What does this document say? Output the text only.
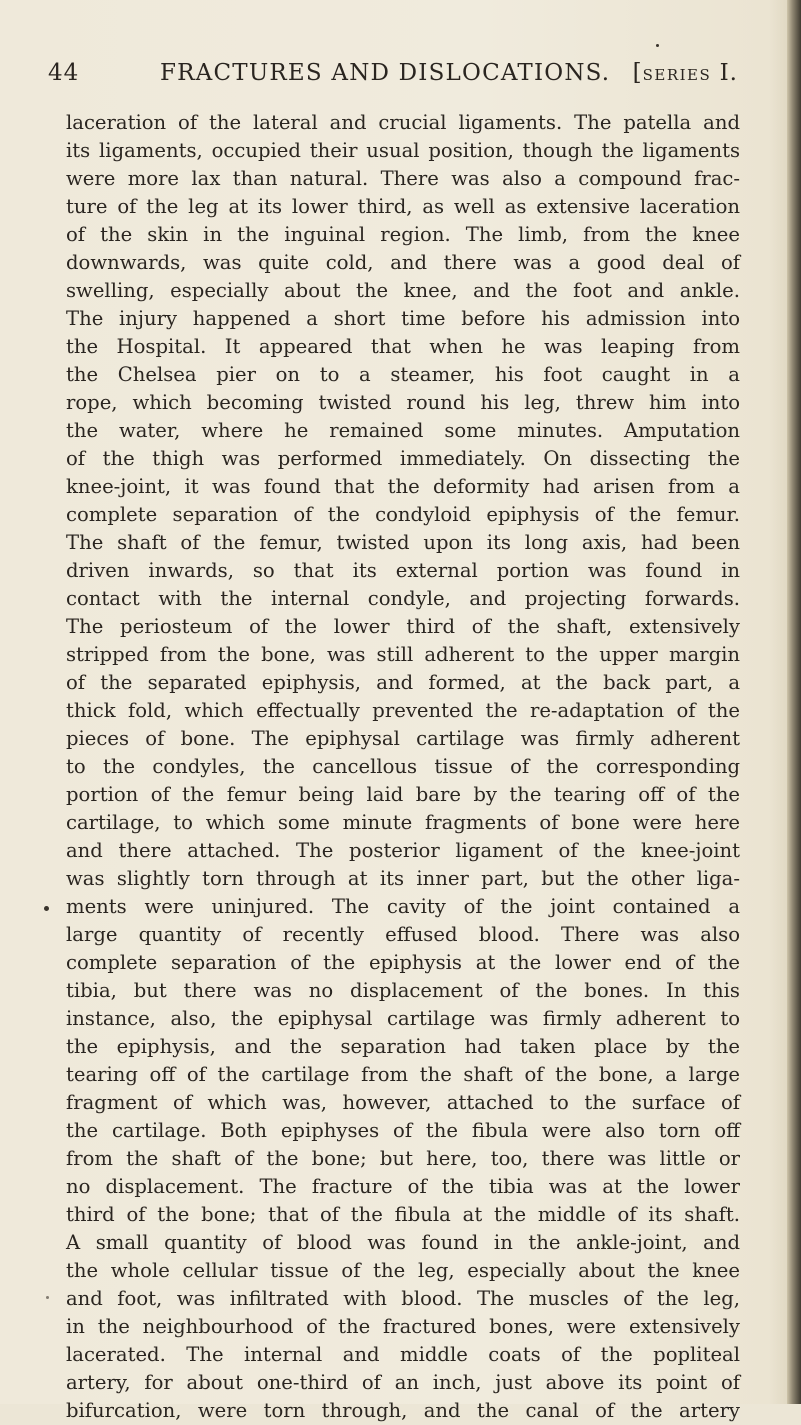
44	FRACTURES AND DISLOCATIONS. [SERIES I.
laceration of the lateral and crucial ligaments. The patella and
its ligaments, occupied their usual position, though the ligaments
were more lax than natural. There was also a compound frac-
ture of the leg at its lower third, as well as extensive laceration
of the skin in the inguinal region. The limb, from the knee
downwards, was quite cold, and there was a good deal of
swelling, especially about the knee, and the foot and ankle.
The injury happened a short time before his admission into
the Hospital. It appeared that when he was leaping from
the Chelsea pier on to a steamer, his foot caught in a
rope, which becoming twisted round his leg, threw him into
the water, where he remained some minutes. Amputation
of the thigh was performed immediately. On dissecting the
knee-joint, it was found that the deformity had arisen from a
complete separation of the condyloid epiphysis of the femur.
The shaft of the femur, twisted upon its long axis, had been
driven inwards, so that its external portion was found in
contact with the internal condyle, and projecting forwards.
The periosteum of the lower third of the shaft, extensively
stripped from the bone, was still adherent to the upper margin
of the separated epiphysis, and formed, at the back part, a
thick fold, which effectually prevented the re-adaptation of the
pieces of bone. The epiphysal cartilage was firmly adherent
to the condyles, the cancellous tissue of the corresponding
portion of the femur being laid bare by the tearing off of the
cartilage, to which some minute fragments of bone were here
and there attached. The posterior ligament of the knee-joint
was slightly torn through at its inner part, but the other liga-
ments were uninjured. The cavity of the joint contained a
large quantity of recently effused blood. There was also
complete separation of the epiphysis at the lower end of the
tibia, but there was no displacement of the bones. In this
instance, also, the epiphysal cartilage was firmly adherent to
the epiphysis, and the separation had taken place by the
tearing off of the cartilage from the shaft of the bone, a large
fragment of which was, however, attached to the surface of
the cartilage. Both epiphyses of the fibula were also torn off
from the shaft of the bone; but here, too, there was little or
no displacement. The fracture of the tibia was at the lower
third of the bone; that of the fibula at the middle of its shaft.
A small quantity of blood was found in the ankle-joint, and
the whole cellular tissue of the leg, especially about the knee
and foot, was infiltrated with blood. The muscles of the leg,
in the neighbourhood of the fractured bones, were extensively
lacerated. The internal and middle coats of the popliteal
artery, for about one-third of an inch, just above its point of
bifurcation, were torn through, and the canal of the artery
